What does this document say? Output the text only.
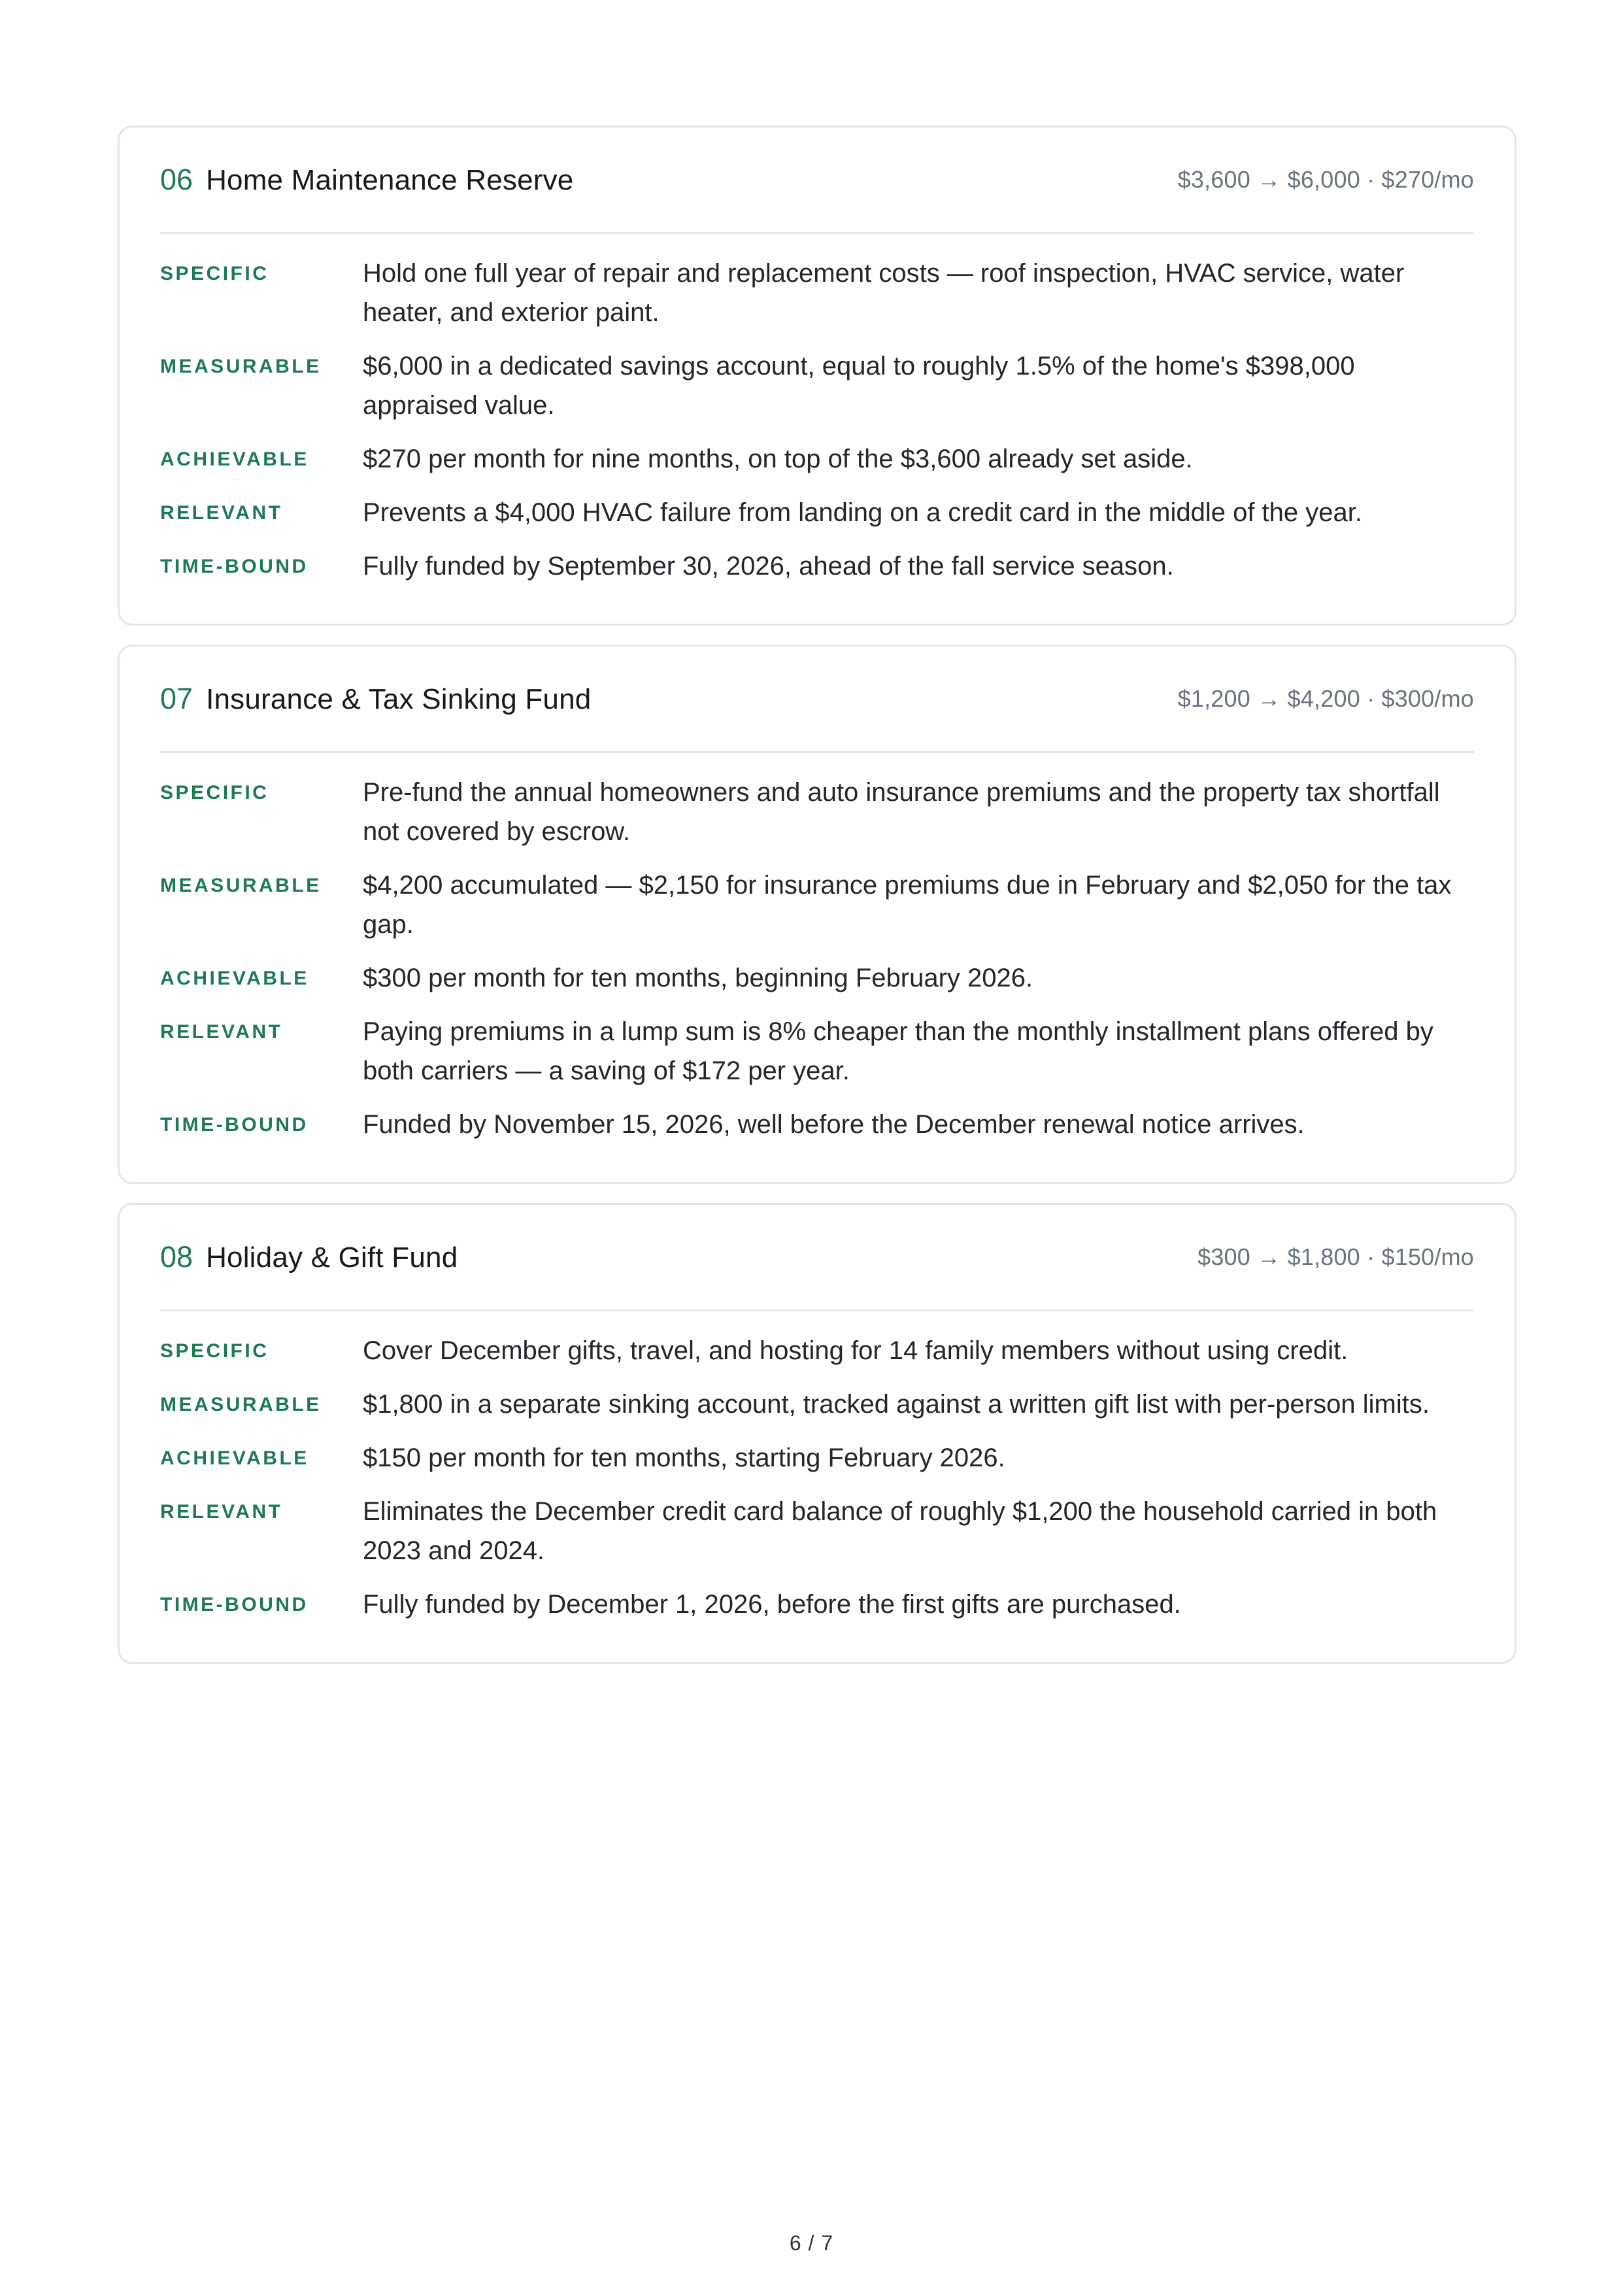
06 Home Maintenance Reserve	$3,600 → $6,000 · $270/mo
SPECIFIC	Hold one full year of repair and replacement costs — roof inspection, HVAC service, water heater, and exterior paint.
MEASURABLE	$6,000 in a dedicated savings account, equal to roughly 1.5% of the home's $398,000 appraised value.
ACHIEVABLE	$270 per month for nine months, on top of the $3,600 already set aside.
RELEVANT	Prevents a $4,000 HVAC failure from landing on a credit card in the middle of the year.
TIME-BOUND	Fully funded by September 30, 2026, ahead of the fall service season.
07 Insurance & Tax Sinking Fund	$1,200 → $4,200 · $300/mo
SPECIFIC	Pre-fund the annual homeowners and auto insurance premiums and the property tax shortfall not covered by escrow.
MEASURABLE	$4,200 accumulated — $2,150 for insurance premiums due in February and $2,050 for the tax gap.
ACHIEVABLE	$300 per month for ten months, beginning February 2026.
RELEVANT	Paying premiums in a lump sum is 8% cheaper than the monthly installment plans offered by both carriers — a saving of $172 per year.
TIME-BOUND	Funded by November 15, 2026, well before the December renewal notice arrives.
08 Holiday & Gift Fund	$300 → $1,800 · $150/mo
SPECIFIC	Cover December gifts, travel, and hosting for 14 family members without using credit.
MEASURABLE	$1,800 in a separate sinking account, tracked against a written gift list with per-person limits.
ACHIEVABLE	$150 per month for ten months, starting February 2026.
RELEVANT	Eliminates the December credit card balance of roughly $1,200 the household carried in both 2023 and 2024.
TIME-BOUND	Fully funded by December 1, 2026, before the first gifts are purchased.
6 / 7
